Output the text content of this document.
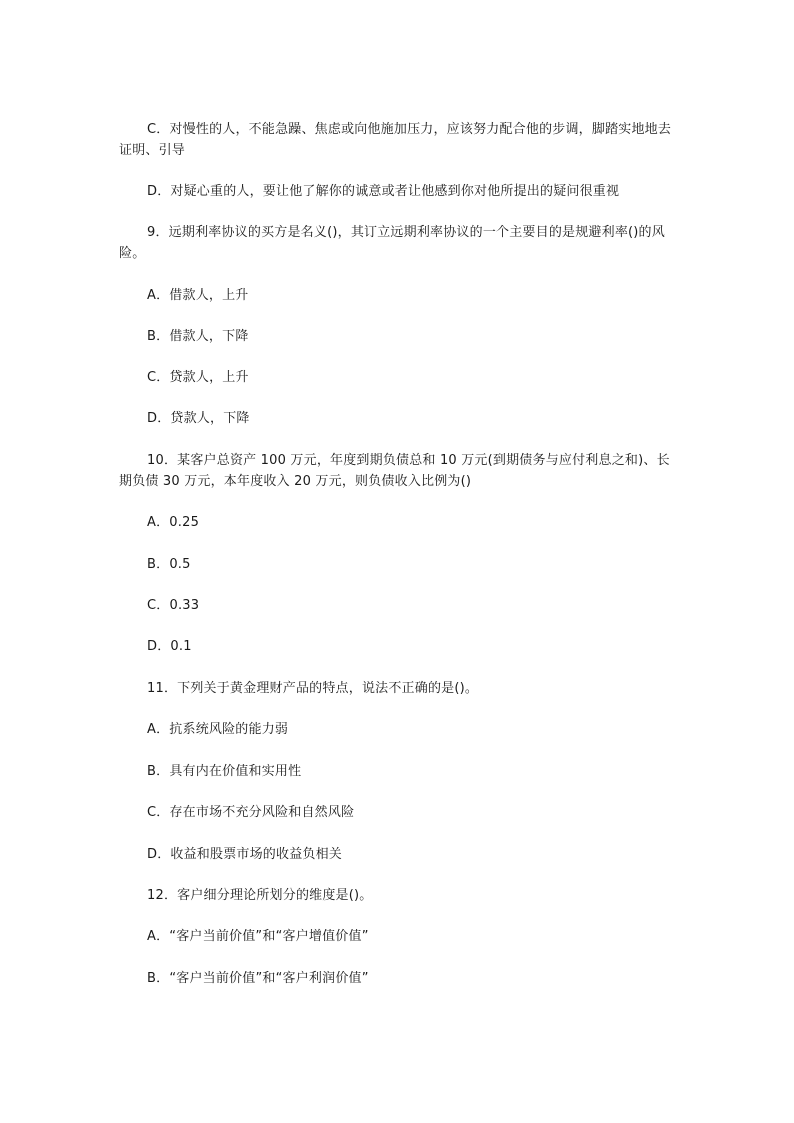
C．对慢性的人，不能急躁、焦虑或向他施加压力，应该努力配合他的步调，脚踏实地地去证明、引导

D．对疑心重的人，要让他了解你的诚意或者让他感到你对他所提出的疑问很重视

9．远期利率协议的买方是名义()，其订立远期利率协议的一个主要目的是规避利率()的风险。

A．借款人，上升

B．借款人，下降

C．贷款人，上升

D．贷款人，下降

10．某客户总资产 100 万元，年度到期负债总和 10 万元(到期债务与应付利息之和)、长期负债 30 万元，本年度收入 20 万元，则负债收入比例为()

A．0.25

B．0.5

C．0.33

D．0.1

11．下列关于黄金理财产品的特点，说法不正确的是()。

A．抗系统风险的能力弱

B．具有内在价值和实用性

C．存在市场不充分风险和自然风险

D．收益和股票市场的收益负相关

12．客户细分理论所划分的维度是()。

A．“客户当前价值”和“客户增值价值”

B．“客户当前价值”和“客户利润价值”
